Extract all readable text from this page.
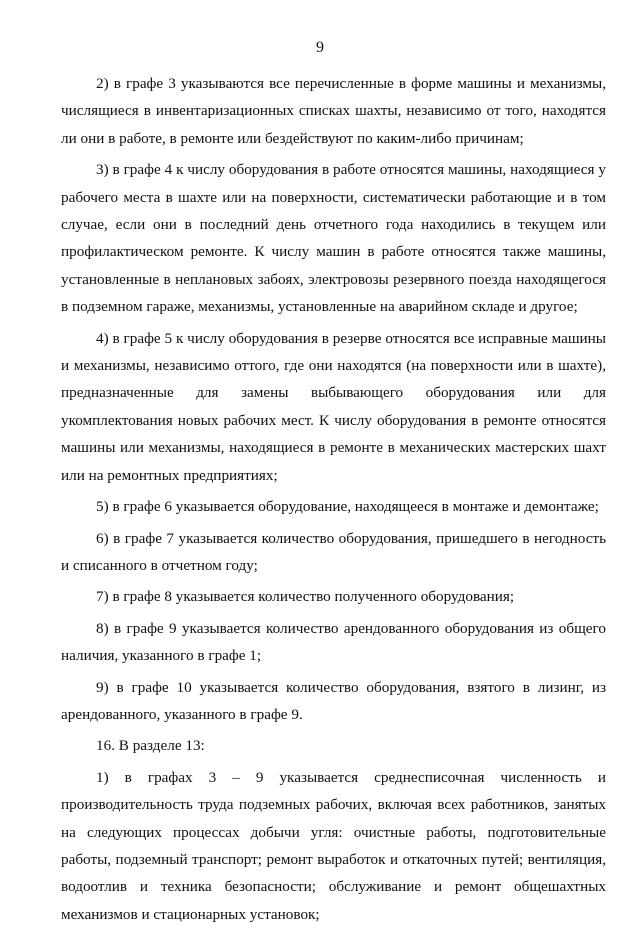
9

2) в графе 3 указываются все перечисленные в форме машины и механизмы, числящиеся в инвентаризационных списках шахты, независимо от того, находятся ли они в работе, в ремонте или бездействуют по каким-либо причинам;

3) в графе 4 к числу оборудования в работе относятся машины, находящиеся у рабочего места в шахте или на поверхности, систематически работающие и в том случае, если они в последний день отчетного года находились в текущем или профилактическом ремонте. К числу машин в работе относятся также машины, установленные в неплановых забоях, электровозы резервного поезда находящегося в подземном гараже, механизмы, установленные на аварийном складе и другое;

4) в графе 5 к числу оборудования в резерве относятся все исправные машины и механизмы, независимо оттого, где они находятся (на поверхности или в шахте), предназначенные для замены выбывающего оборудования или для укомплектования новых рабочих мест. К числу оборудования в ремонте относятся машины или механизмы, находящиеся в ремонте в механических мастерских шахт или на ремонтных предприятиях;

5) в графе 6 указывается оборудование, находящееся в монтаже и демонтаже;

6) в графе 7 указывается количество оборудования, пришедшего в негодность и списанного в отчетном году;

7) в графе 8 указывается количество полученного оборудования;

8) в графе 9 указывается количество арендованного оборудования из общего наличия, указанного в графе 1;

9) в графе 10 указывается количество оборудования, взятого в лизинг, из арендованного, указанного в графе 9.

16. В разделе 13:

1) в графах 3 – 9 указывается среднесписочная численность и производительность труда подземных рабочих, включая всех работников, занятых на следующих процессах добычи угля: очистные работы, подготовительные работы, подземный транспорт; ремонт выработок и откаточных путей; вентиляция, водоотлив и техника безопасности; обслуживание и ремонт общешахтных механизмов и стационарных установок;
